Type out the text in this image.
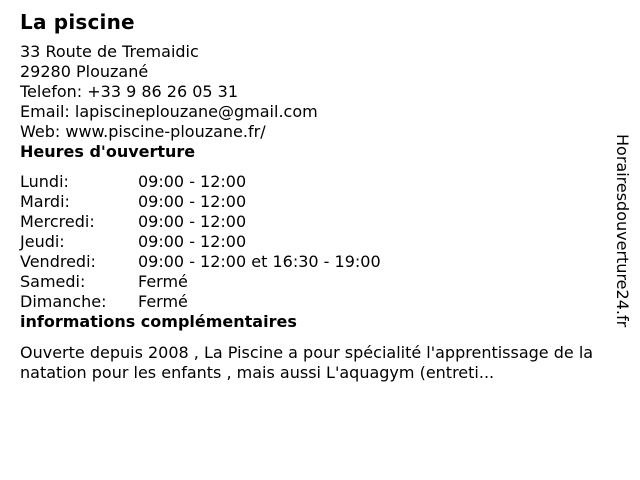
La piscine
33 Route de Tremaidic
29280 Plouzané
Telefon: +33 9 86 26 05 31
Email: lapiscineplouzane@gmail.com
Web: www.piscine-plouzane.fr/
Heures d'ouverture
Lundi:	09:00 - 12:00
Mardi:	09:00 - 12:00
Mercredi:	09:00 - 12:00
Jeudi:	09:00 - 12:00
Vendredi:	09:00 - 12:00 et 16:30 - 19:00
Samedi:	Fermé
Dimanche:	Fermé
informations complémentaires
Ouverte depuis 2008 , La Piscine a pour spécialité l'apprentissage de la natation pour les enfants , mais aussi L'aquagym (entreti...
Horairesdouverture24.fr
